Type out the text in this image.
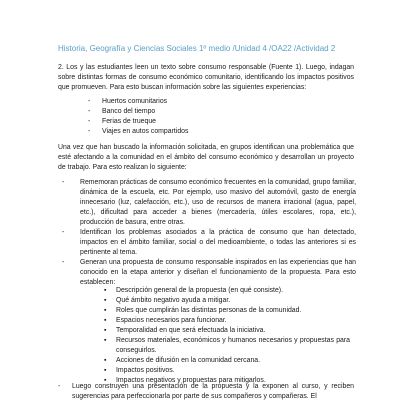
Historia, Geografía y Ciencias Sociales 1º medio /Unidad 4 /OA22 /Actividad 2
2. Los y las estudiantes leen un texto sobre consumo responsable (Fuente 1). Luego, indagan sobre distintas formas de consumo económico comunitario, identificando los impactos positivos que promueven. Para esto buscan información sobre las siguientes experiencias:
- Huertos comunitarios
- Banco del tiempo
- Ferias de trueque
- Viajes en autos compartidos
Una vez que han buscado la información solicitada, en grupos identifican una problemática que esté afectando a la comunidad en el ámbito del consumo económico y desarrollan un proyecto de trabajo. Para esto realizan lo siguiente:
- Rememoran prácticas de consumo económico frecuentes en la comunidad, grupo familiar, dinámica de la escuela, etc. Por ejemplo, uso masivo del automóvil, gasto de energía innecesario (luz, calefacción, etc.), uso de recursos de manera irracional (agua, papel, etc.), dificultad para acceder a bienes (mercadería, útiles escolares, ropa, etc.), producción de basura, entre otras.
- Identifican los problemas asociados a la práctica de consumo que han detectado, impactos en el ámbito familiar, social o del medioambiente, o todas las anteriores si es pertinente al tema.
- Generan una propuesta de consumo responsable inspirados en las experiencias que han conocido en la etapa anterior y diseñan el funcionamiento de la propuesta. Para esto establecen:
▪ Descripción general de la propuesta (en qué consiste).
▪ Qué ámbito negativo ayuda a mitigar.
▪ Roles que cumplirán las distintas personas de la comunidad.
▪ Espacios necesarios para funcionar.
▪ Temporalidad en que será efectuada la iniciativa.
▪ Recursos materiales, económicos y humanos necesarios y propuestas para conseguirlos.
▪ Acciones de difusión en la comunidad cercana.
▪ Impactos positivos.
▪ Impactos negativos y propuestas para mitigarlos.
- Luego construyen una presentación de la propuesta y la exponen al curso, y reciben sugerencias para perfeccionarla por parte de sus compañeros y compañeras. El
